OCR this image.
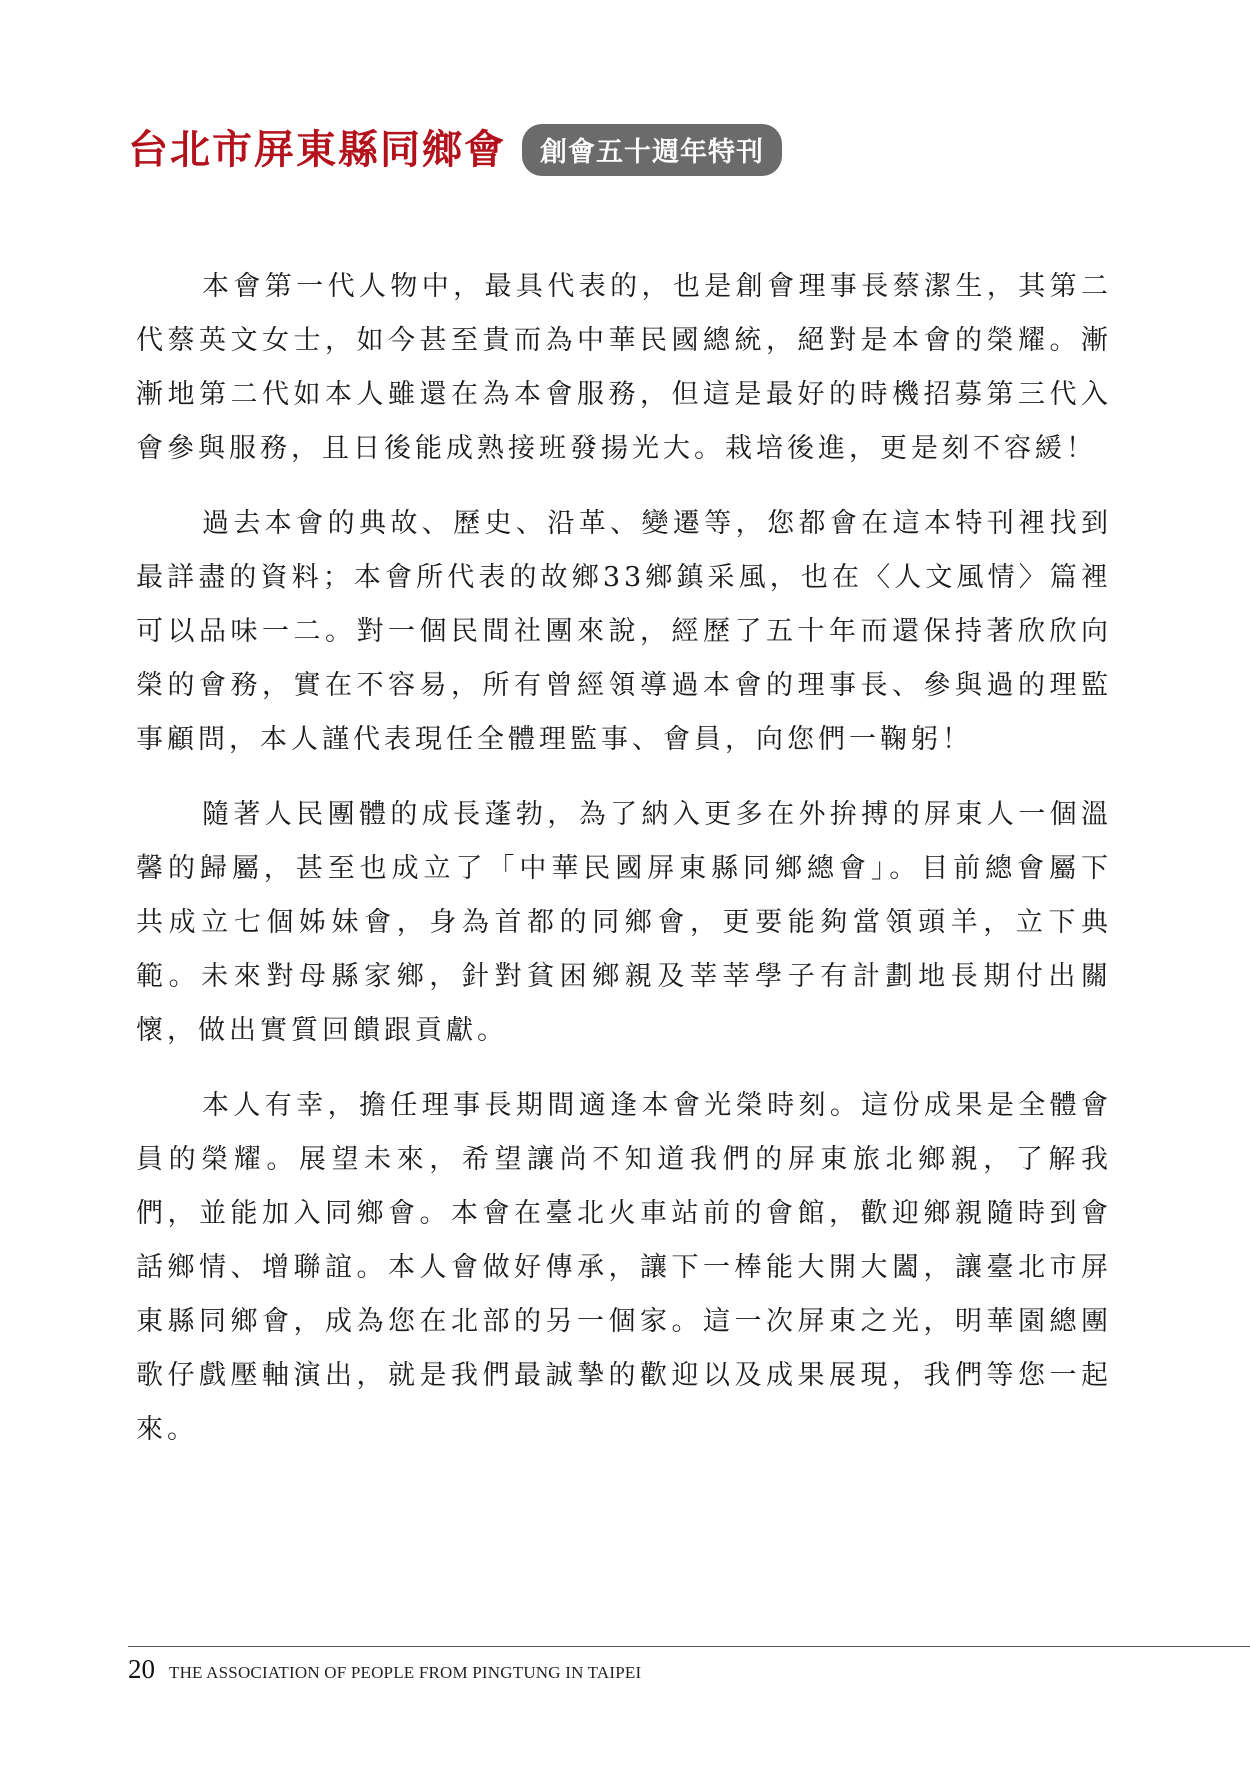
台北市屏東縣同鄉會	創會五十週年特刊

本會第一代人物中，最具代表的，也是創會理事長蔡潔生，其第二代蔡英文女士，如今甚至貴而為中華民國總統，絕對是本會的榮耀。漸漸地第二代如本人雖還在為本會服務，但這是最好的時機招募第三代入會參與服務，且日後能成熟接班發揚光大。栽培後進，更是刻不容緩！

過去本會的典故、歷史、沿革、變遷等，您都會在這本特刊裡找到最詳盡的資料；本會所代表的故鄉33鄉鎮采風，也在〈人文風情〉篇裡可以品味一二。對一個民間社團來說，經歷了五十年而還保持著欣欣向榮的會務，實在不容易，所有曾經領導過本會的理事長、參與過的理監事顧問，本人謹代表現任全體理監事、會員，向您們一鞠躬！

隨著人民團體的成長蓬勃，為了納入更多在外拚搏的屏東人一個溫馨的歸屬，甚至也成立了「中華民國屏東縣同鄉總會」。目前總會屬下共成立七個姊妹會，身為首都的同鄉會，更要能夠當領頭羊，立下典範。未來對母縣家鄉，針對貧困鄉親及莘莘學子有計劃地長期付出關懷，做出實質回饋跟貢獻。

本人有幸，擔任理事長期間適逢本會光榮時刻。這份成果是全體會員的榮耀。展望未來，希望讓尚不知道我們的屏東旅北鄉親，了解我們，並能加入同鄉會。本會在臺北火車站前的會館，歡迎鄉親隨時到會話鄉情、增聯誼。本人會做好傳承，讓下一棒能大開大闔，讓臺北市屏東縣同鄉會，成為您在北部的另一個家。這一次屏東之光，明華園總團歌仔戲壓軸演出，就是我們最誠摯的歡迎以及成果展現，我們等您一起來。

20 THE ASSOCIATION OF PEOPLE FROM PINGTUNG IN TAIPEI
